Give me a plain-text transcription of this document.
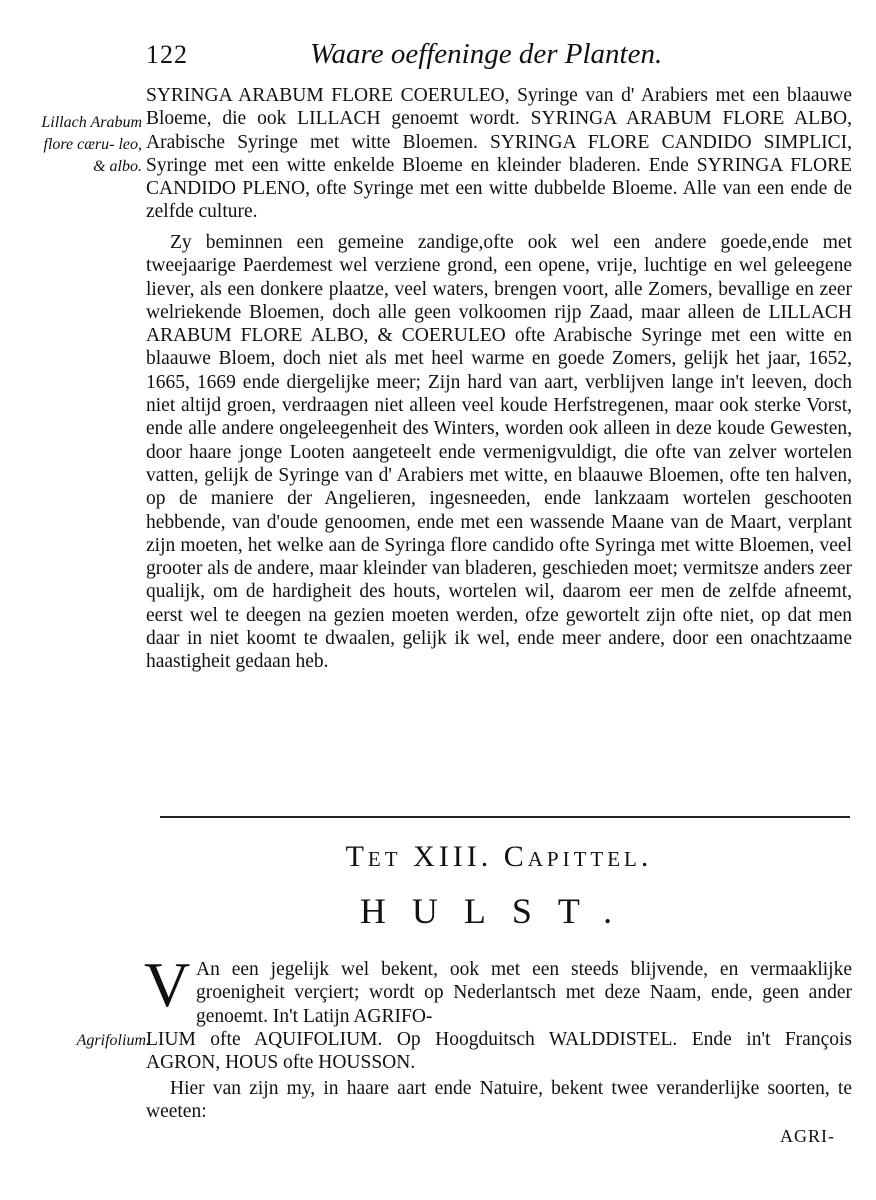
122	Waare oeffeninge der Planten.
Lillach Arabum flore cæru- leo, & albo.

SYRINGA ARABUM FLORE COERULEO, Syringe van d' Arabiers met een blaauwe Bloeme, die ook LILLACH genoemt wordt. SYRINGA ARABUM FLORE ALBO, Arabische Syringe met witte Bloemen. SYRINGA FLORE CANDIDO SIMPLICI, Syringe met een witte enkelde Bloeme en kleinder bladeren. Ende SYRINGA FLORE CANDIDO PLENO, ofte Syringe met een witte dubbelde Bloeme. Alle van een ende de zelfde culture.

Zy beminnen een gemeine zandige,ofte ook wel een andere goede,ende met tweejaarige Paerdemest wel verziene grond, een opene, vrije, luchtige en wel geleegene liever, als een donkere plaatze, veel waters, brengen voort, alle Zomers, bevallige en zeer welriekende Bloemen, doch alle geen volkoomen rijp Zaad, maar alleen de LILLACH ARABUM FLORE ALBO, & COERULEO ofte Arabische Syringe met een witte en blaauwe Bloem, doch niet als met heel warme en goede Zomers, gelijk het jaar, 1652, 1665, 1669 ende diergelijke meer; Zijn hard van aart, verblijven lange in't leeven, doch niet altijd groen, verdraagen niet alleen veel koude Herfstregenen, maar ook sterke Vorst, ende alle andere ongeleegenheit des Winters, worden ook alleen in deze koude Gewesten, door haare jonge Looten aangeteelt ende vermenigvuldigt, die ofte van zelver wortelen vatten, gelijk de Syringe van d' Arabiers met witte, en blaauwe Bloemen, ofte ten halven, op de maniere der Angelieren, ingesneeden, ende lankzaam wortelen geschooten hebbende, van d'oude genoomen, ende met een wassende Maane van de Maart, verplant zijn moeten, het welke aan de Syringa flore candido ofte Syringa met witte Bloemen, veel grooter als de andere, maar kleinder van bladeren, geschieden moet; vermitsze anders zeer qualijk, om de hardigheit des houts, wortelen wil, daarom eer men de zelfde afneemt, eerst wel te deegen na gezien moeten werden, ofze gewortelt zijn ofte niet, op dat men daar in niet koomt te dwaalen, gelijk ik wel, ende meer andere, door een onachtzaame haastigheit gedaan heb.

Tet XIII. Capittel.
HULST.
V An een jegelijk wel bekent, ook met een steeds blijvende, en vermaaklijke groenigheit verçiert; wordt op Nederlantsch met deze Naam, ende, geen ander genoemt. In't Latijn AGRIFO-

Agrifolium.

LIUM ofte AQUIFOLIUM. Op Hoogduitsch WALDDISTEL. Ende in't François AGRON, HOUS ofte HOUSSON.

Hier van zijn my, in haare aart ende Natuire, bekent twee veranderlijke soorten, te weeten:

AGRI-
